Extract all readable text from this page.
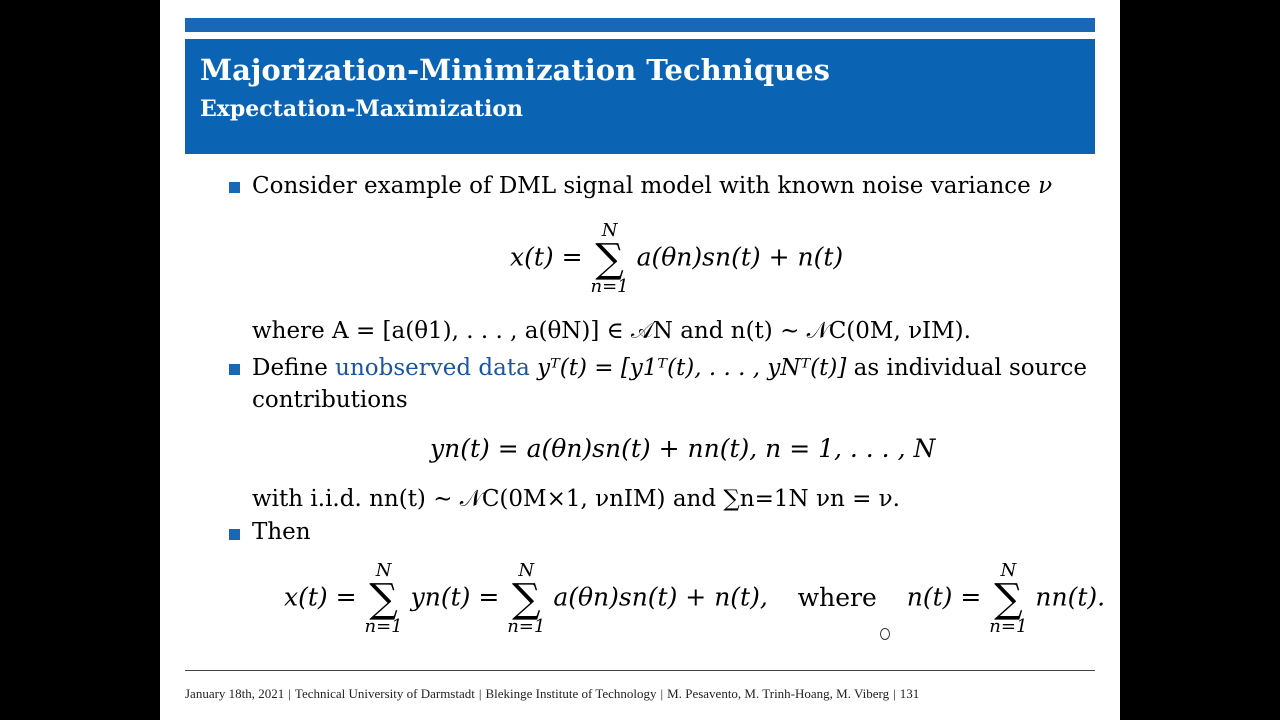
Majorization-Minimization Techniques
Expectation-Maximization
Consider example of DML signal model with known noise variance ν
x(t) =
N
∑
n=1
a(θn)sn(t) + n(t)
where A = [a(θ1), . . . , a(θN)] ∈ 𝒜N and n(t) ∼ 𝒩C(0M, νIM).
Define unobserved data yᵀ(t) = [y1ᵀ(t), . . . , yNᵀ(t)] as individual source
contributions
yn(t) = a(θn)sn(t) + nn(t), n = 1, . . . , N
with i.i.d. nn(t) ∼ 𝒩C(0M×1, νnIM) and ∑n=1N νn = ν.
Then
x(t) =
N
∑
n=1
yn(t) =
N
∑
n=1
a(θn)sn(t) + n(t), where n(t) =
N
∑
n=1
nn(t).
January 18th, 2021 | Technical University of Darmstadt | Blekinge Institute of Technology | M. Pesavento, M. Trinh-Hoang, M. Viberg | 131
